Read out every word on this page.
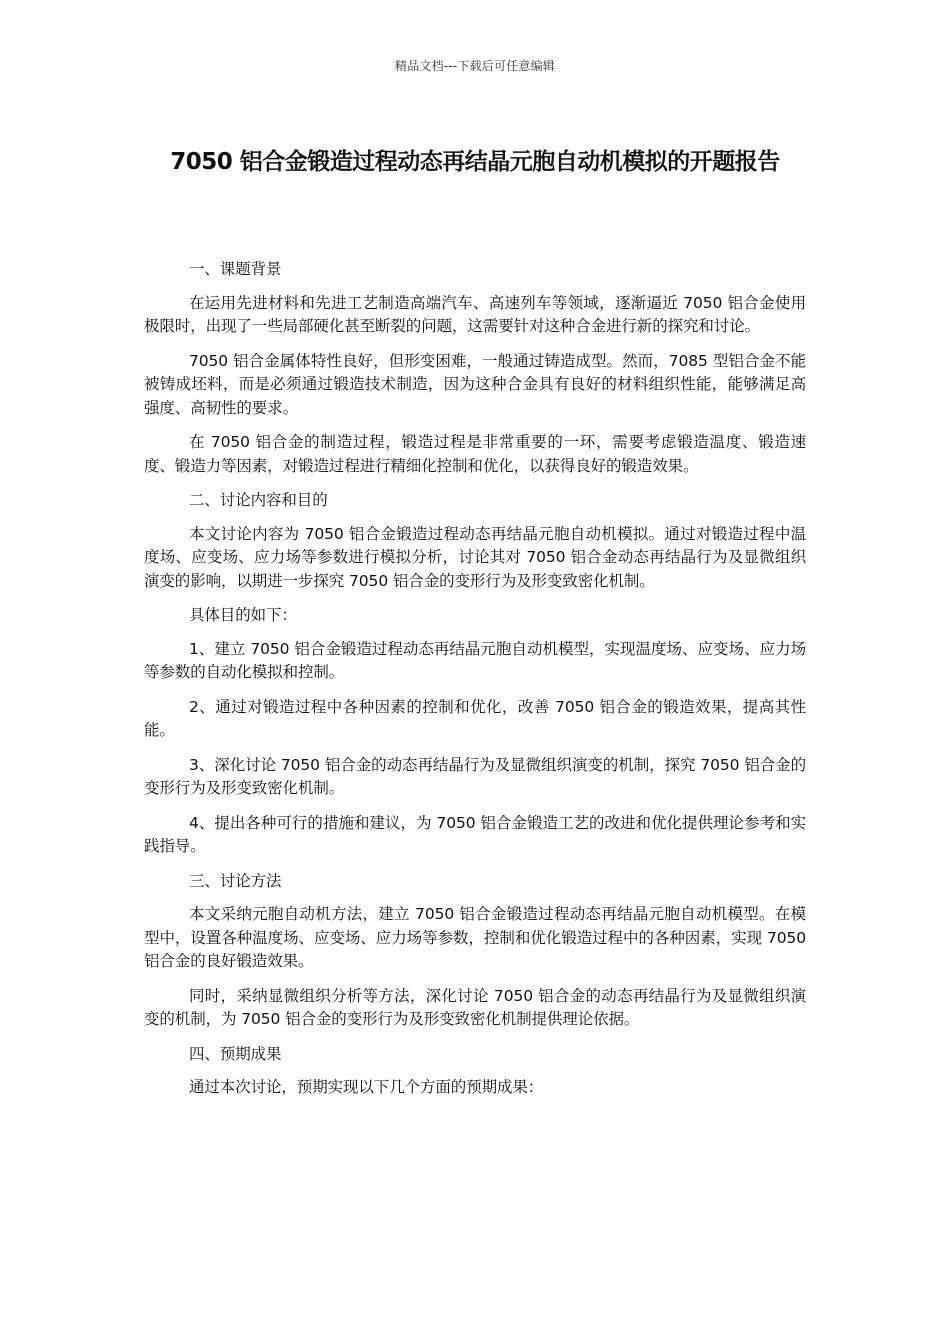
精品文档---下载后可任意编辑
7050 铝合金锻造过程动态再结晶元胞自动机模拟的开题报告

一、课题背景

在运用先进材料和先进工艺制造高端汽车、高速列车等领域，逐渐逼近 7050 铝合金使用极限时，出现了一些局部硬化甚至断裂的问题，这需要针对这种合金进行新的探究和讨论。

7050 铝合金属体特性良好，但形变困难，一般通过铸造成型。然而，7085 型铝合金不能被铸成坯料，而是必须通过锻造技术制造，因为这种合金具有良好的材料组织性能，能够满足高强度、高韧性的要求。

在 7050 铝合金的制造过程，锻造过程是非常重要的一环，需要考虑锻造温度、锻造速度、锻造力等因素，对锻造过程进行精细化控制和优化，以获得良好的锻造效果。

二、讨论内容和目的

本文讨论内容为 7050 铝合金锻造过程动态再结晶元胞自动机模拟。通过对锻造过程中温度场、应变场、应力场等参数进行模拟分析，讨论其对 7050 铝合金动态再结晶行为及显微组织演变的影响，以期进一步探究 7050 铝合金的变形行为及形变致密化机制。

具体目的如下：

1、建立 7050 铝合金锻造过程动态再结晶元胞自动机模型，实现温度场、应变场、应力场等参数的自动化模拟和控制。

2、通过对锻造过程中各种因素的控制和优化，改善 7050 铝合金的锻造效果，提高其性能。

3、深化讨论 7050 铝合金的动态再结晶行为及显微组织演变的机制，探究 7050 铝合金的变形行为及形变致密化机制。

4、提出各种可行的措施和建议，为 7050 铝合金锻造工艺的改进和优化提供理论参考和实践指导。

三、讨论方法

本文采纳元胞自动机方法，建立 7050 铝合金锻造过程动态再结晶元胞自动机模型。在模型中，设置各种温度场、应变场、应力场等参数，控制和优化锻造过程中的各种因素，实现 7050 铝合金的良好锻造效果。

同时，采纳显微组织分析等方法，深化讨论 7050 铝合金的动态再结晶行为及显微组织演变的机制，为 7050 铝合金的变形行为及形变致密化机制提供理论依据。

四、预期成果

通过本次讨论，预期实现以下几个方面的预期成果：
